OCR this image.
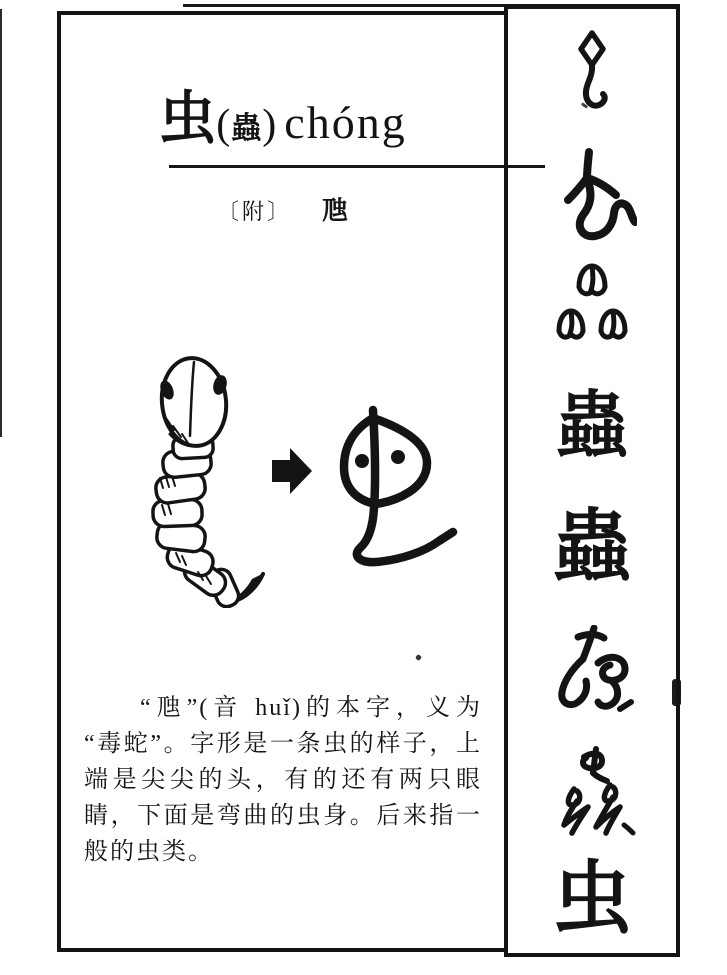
虫(蟲) chóng
〔附〕 虺
“虺”(音 huǐ)的本字，义为
“毒蛇”。字形是一条虫的样子，上
端是尖尖的头，有的还有两只眼
睛，下面是弯曲的虫身。后来指一
般的虫类。
蟲
蟲
虫
